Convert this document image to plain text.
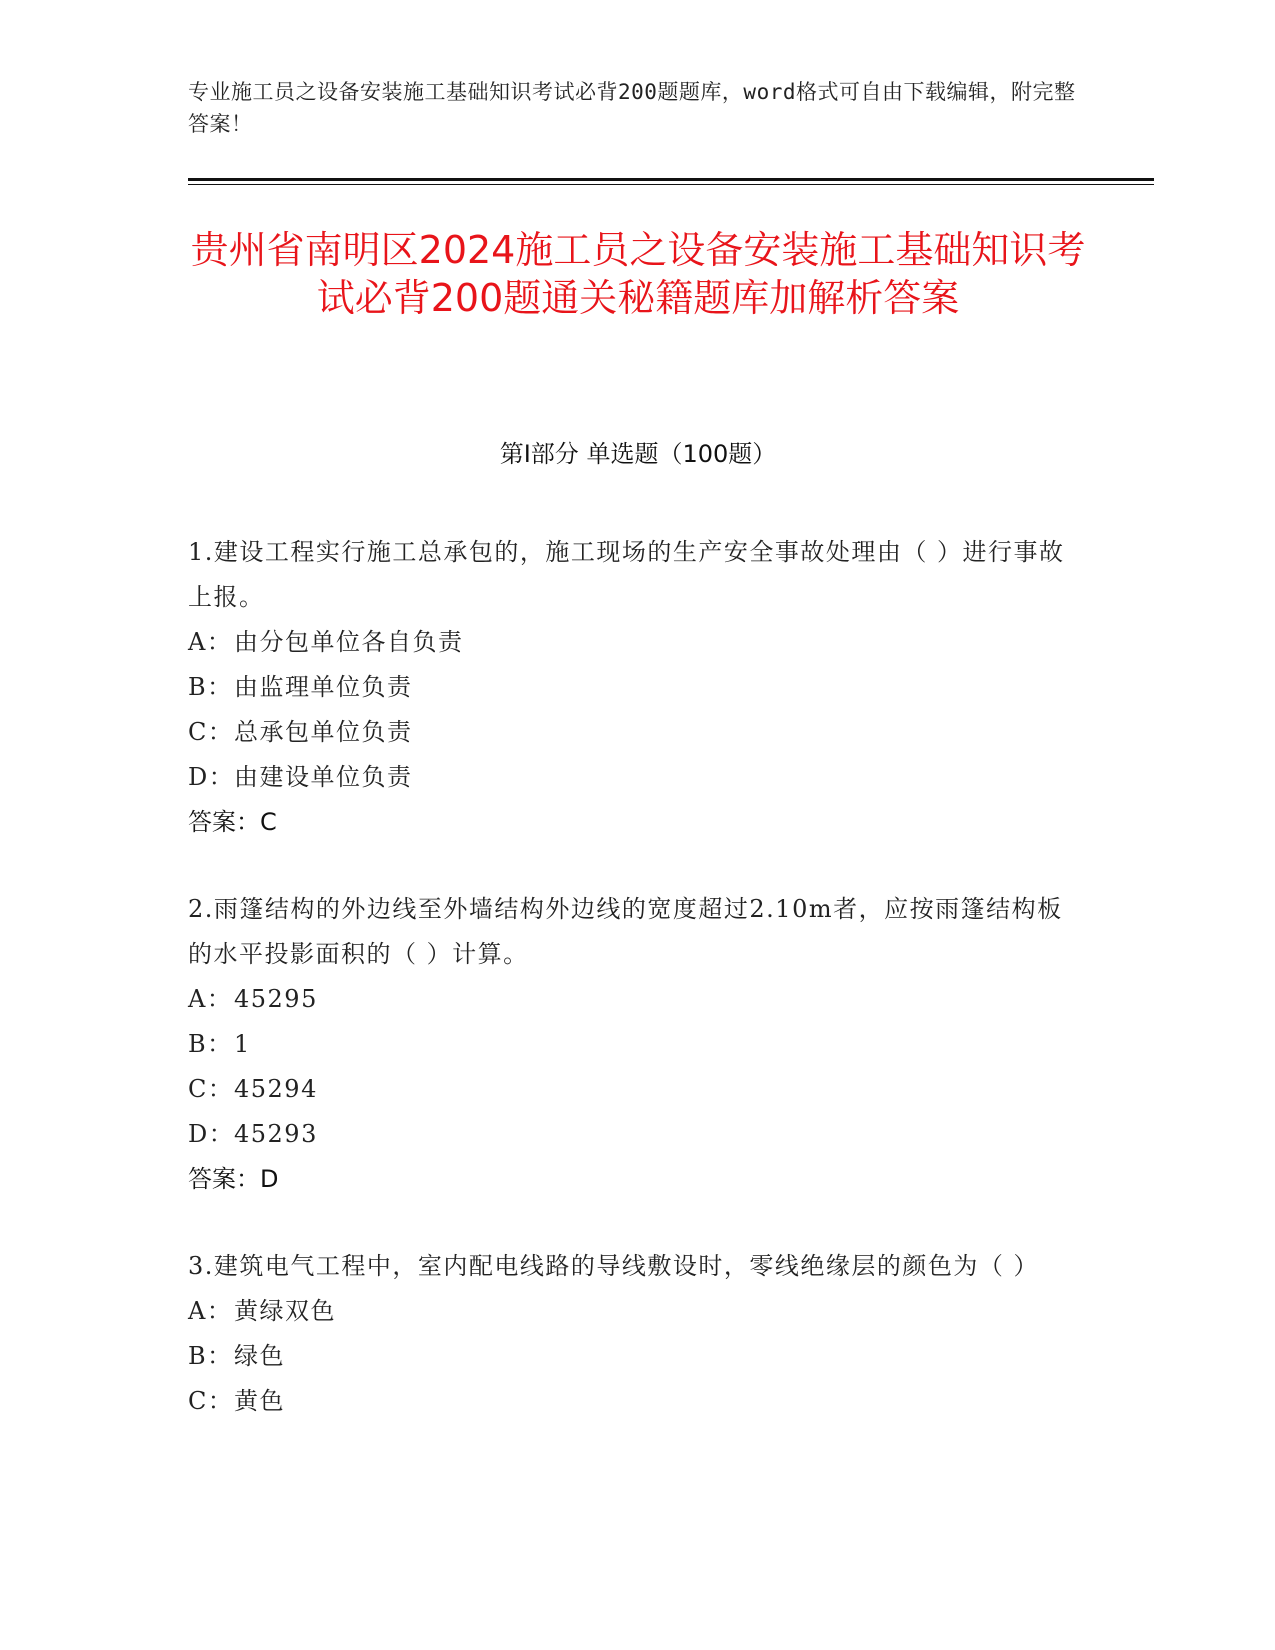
专业施工员之设备安装施工基础知识考试必背200题题库，word格式可自由下载编辑，附完整答案！
贵州省南明区2024施工员之设备安装施工基础知识考试必背200题通关秘籍题库加解析答案
第Ⅰ部分 单选题（100题）
1.建设工程实行施工总承包的，施工现场的生产安全事故处理由（ ）进行事故上报。
A：由分包单位各自负责
B：由监理单位负责
C：总承包单位负责
D：由建设单位负责
答案：C
2.雨篷结构的外边线至外墙结构外边线的宽度超过2.10m者，应按雨篷结构板的水平投影面积的（ ）计算。
A：45295
B：1
C：45294
D：45293
答案：D
3.建筑电气工程中，室内配电线路的导线敷设时，零线绝缘层的颜色为（ ）
A：黄绿双色
B：绿色
C：黄色
